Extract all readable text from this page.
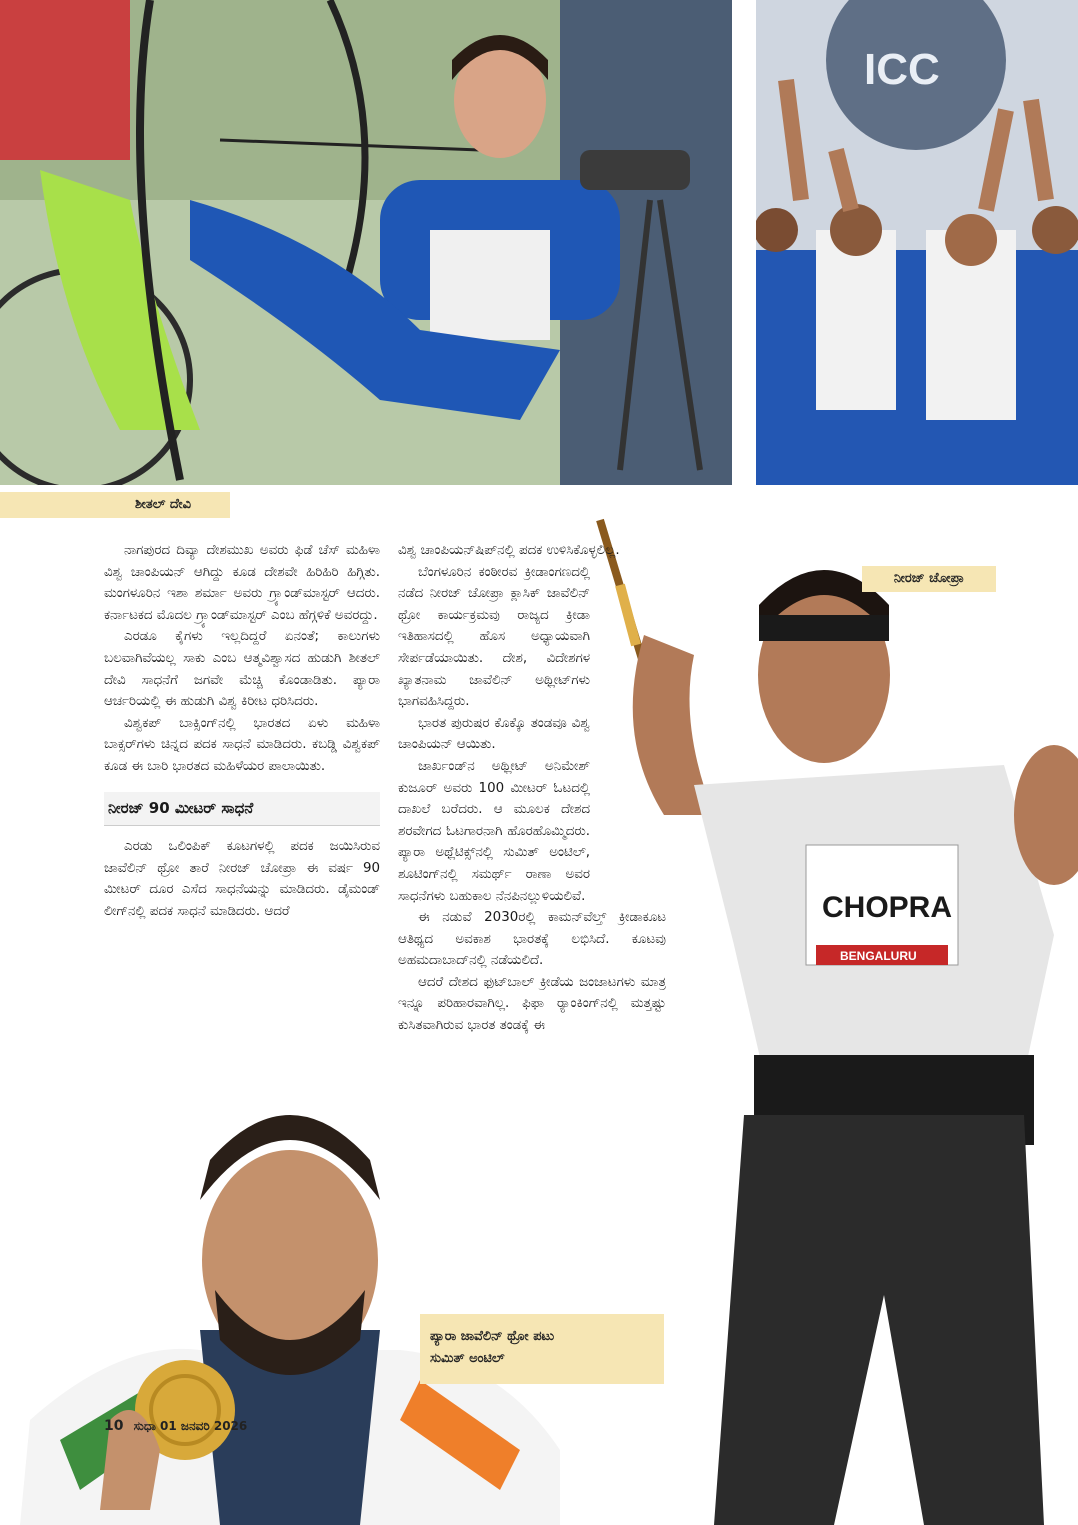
ICC
ಶೀತಲ್ ದೇವಿ
CHOPRA
BENGALURU
ನೀರಜ್ ಚೋಪ್ರಾ
ಪ್ಯಾರಾ ಜಾವೆಲಿನ್ ಥ್ರೋ ಪಟು
ಸುಮಿತ್ ಅಂಟಿಲ್

ನಾಗಪುರದ ದಿವ್ಯಾ ದೇಶಮುಖ ಅವರು ಫಿಡೆ ಚೆಸ್ ಮಹಿಳಾ ವಿಶ್ವ ಚಾಂಪಿಯನ್ ಆಗಿದ್ದು ಕೂಡ ದೇಶವೇ ಹಿರಿಹಿರಿ ಹಿಗ್ಗಿತು. ಮಂಗಳೂರಿನ ಇಶಾ ಶರ್ಮಾ ಅವರು ಗ್ರ್ಯಾಂಡ್‌ಮಾಸ್ಟರ್ ಆದರು. ಕರ್ನಾಟಕದ ಮೊದಲ ಗ್ರ್ಯಾಂಡ್‌ಮಾಸ್ಟರ್ ಎಂಬ ಹೆಗ್ಗಳಿಕೆ ಅವರದ್ದು.

ಎರಡೂ ಕೈಗಳು ಇಲ್ಲದಿದ್ದರೆ ಏನಂತೆ; ಕಾಲುಗಳು ಬಲವಾಗಿವೆಯಲ್ಲ ಸಾಕು ಎಂಬ ಆತ್ಮವಿಶ್ವಾಸದ ಹುಡುಗಿ ಶೀತಲ್ ದೇವಿ ಸಾಧನೆಗೆ ಜಗವೇ ಮೆಚ್ಚಿ ಕೊಂಡಾಡಿತು. ಪ್ಯಾರಾ ಆರ್ಚರಿಯಲ್ಲಿ ಈ ಹುಡುಗಿ ವಿಶ್ವ ಕಿರೀಟ ಧರಿಸಿದರು.

ವಿಶ್ವಕಪ್ ಬಾಕ್ಸಿಂಗ್‌ನಲ್ಲಿ ಭಾರತದ ಏಳು ಮಹಿಳಾ ಬಾಕ್ಸರ್‌ಗಳು ಚಿನ್ನದ ಪದಕ ಸಾಧನೆ ಮಾಡಿದರು. ಕಬಡ್ಡಿ ವಿಶ್ವಕಪ್ ಕೂಡ ಈ ಬಾರಿ ಭಾರತದ ಮಹಿಳೆಯರ ಪಾಲಾಯಿತು.

ನೀರಜ್ 90 ಮೀಟರ್ ಸಾಧನೆ

ಎರಡು ಒಲಿಂಪಿಕ್ ಕೂಟಗಳಲ್ಲಿ ಪದಕ ಜಯಿಸಿರುವ ಜಾವೆಲಿನ್ ಥ್ರೋ ತಾರೆ ನೀರಜ್ ಚೋಪ್ರಾ ಈ ವರ್ಷ 90 ಮೀಟರ್ ದೂರ ಎಸೆದ ಸಾಧನೆಯನ್ನು ಮಾಡಿದರು. ಡೈಮಂಡ್ ಲೀಗ್‌ನಲ್ಲಿ ಪದಕ ಸಾಧನೆ ಮಾಡಿದರು. ಆದರೆ

ವಿಶ್ವ ಚಾಂಪಿಯನ್‌ಷಿಪ್‌ನಲ್ಲಿ ಪದಕ ಉಳಿಸಿಕೊಳ್ಳಲಿಲ್ಲ.

ಬೆಂಗಳೂರಿನ ಕಂಠೀರವ ಕ್ರೀಡಾಂಗಣದಲ್ಲಿ ನಡೆದ ನೀರಜ್ ಚೋಪ್ರಾ ಕ್ಲಾಸಿಕ್ ಜಾವೆಲಿನ್ ಥ್ರೋ ಕಾರ್ಯಕ್ರಮವು ರಾಜ್ಯದ ಕ್ರೀಡಾ ಇತಿಹಾಸದಲ್ಲಿ ಹೊಸ ಅಧ್ಯಾಯವಾಗಿ ಸೇರ್ಪಡೆಯಾಯಿತು. ದೇಶ, ವಿದೇಶಗಳ ಖ್ಯಾತನಾಮ ಜಾವೆಲಿನ್ ಅಥ್ಲೀಟ್‌ಗಳು ಭಾಗವಹಿಸಿದ್ದರು.

ಭಾರತ ಪುರುಷರ ಕೊಕ್ಕೊ ತಂಡವೂ ವಿಶ್ವ ಚಾಂಪಿಯನ್ ಆಯಿತು.

ಜಾರ್ಖಂಡ್‌ನ ಅಥ್ಲೀಟ್ ಅನಿಮೇಶ್ ಕುಜೂರ್ ಅವರು 100 ಮೀಟರ್ ಓಟದಲ್ಲಿ ದಾಖಲೆ ಬರೆದರು. ಆ ಮೂಲಕ ದೇಶದ ಶರವೇಗದ ಓಟಗಾರನಾಗಿ ಹೊರಹೊಮ್ಮಿದರು. ಪ್ಯಾರಾ ಅಥ್ಲೆಟಿಕ್ಸ್‌ನಲ್ಲಿ ಸುಮಿತ್ ಅಂಟಿಲ್, ಶೂಟಿಂಗ್‌ನಲ್ಲಿ ಸಮರ್ಥ್ ರಾಣಾ ಅವರ ಸಾಧನೆಗಳು ಬಹುಕಾಲ ನೆನಪಿನಲ್ಲುಳಿಯಲಿವೆ.

ಈ ನಡುವೆ 2030ರಲ್ಲಿ ಕಾಮನ್‌ವೆಲ್ತ್ ಕ್ರೀಡಾಕೂಟ ಆತಿಥ್ಯದ ಅವಕಾಶ ಭಾರತಕ್ಕೆ ಲಭಿಸಿದೆ. ಕೂಟವು ಅಹಮದಾಬಾದ್‌ನಲ್ಲಿ ನಡೆಯಲಿದೆ.

ಆದರೆ ದೇಶದ ಫುಟ್‌ಬಾಲ್ ಕ್ರೀಡೆಯ ಜಂಜಾಟಗಳು ಮಾತ್ರ ಇನ್ನೂ ಪರಿಹಾರವಾಗಿಲ್ಲ. ಫಿಫಾ ರ‍್ಯಾಂಕಿಂಗ್‌ನಲ್ಲಿ ಮತ್ತಷ್ಟು ಕುಸಿತವಾಗಿರುವ ಭಾರತ ತಂಡಕ್ಕೆ ಈ

10 ಸುಧಾ 01 ಜನವರಿ 2026
